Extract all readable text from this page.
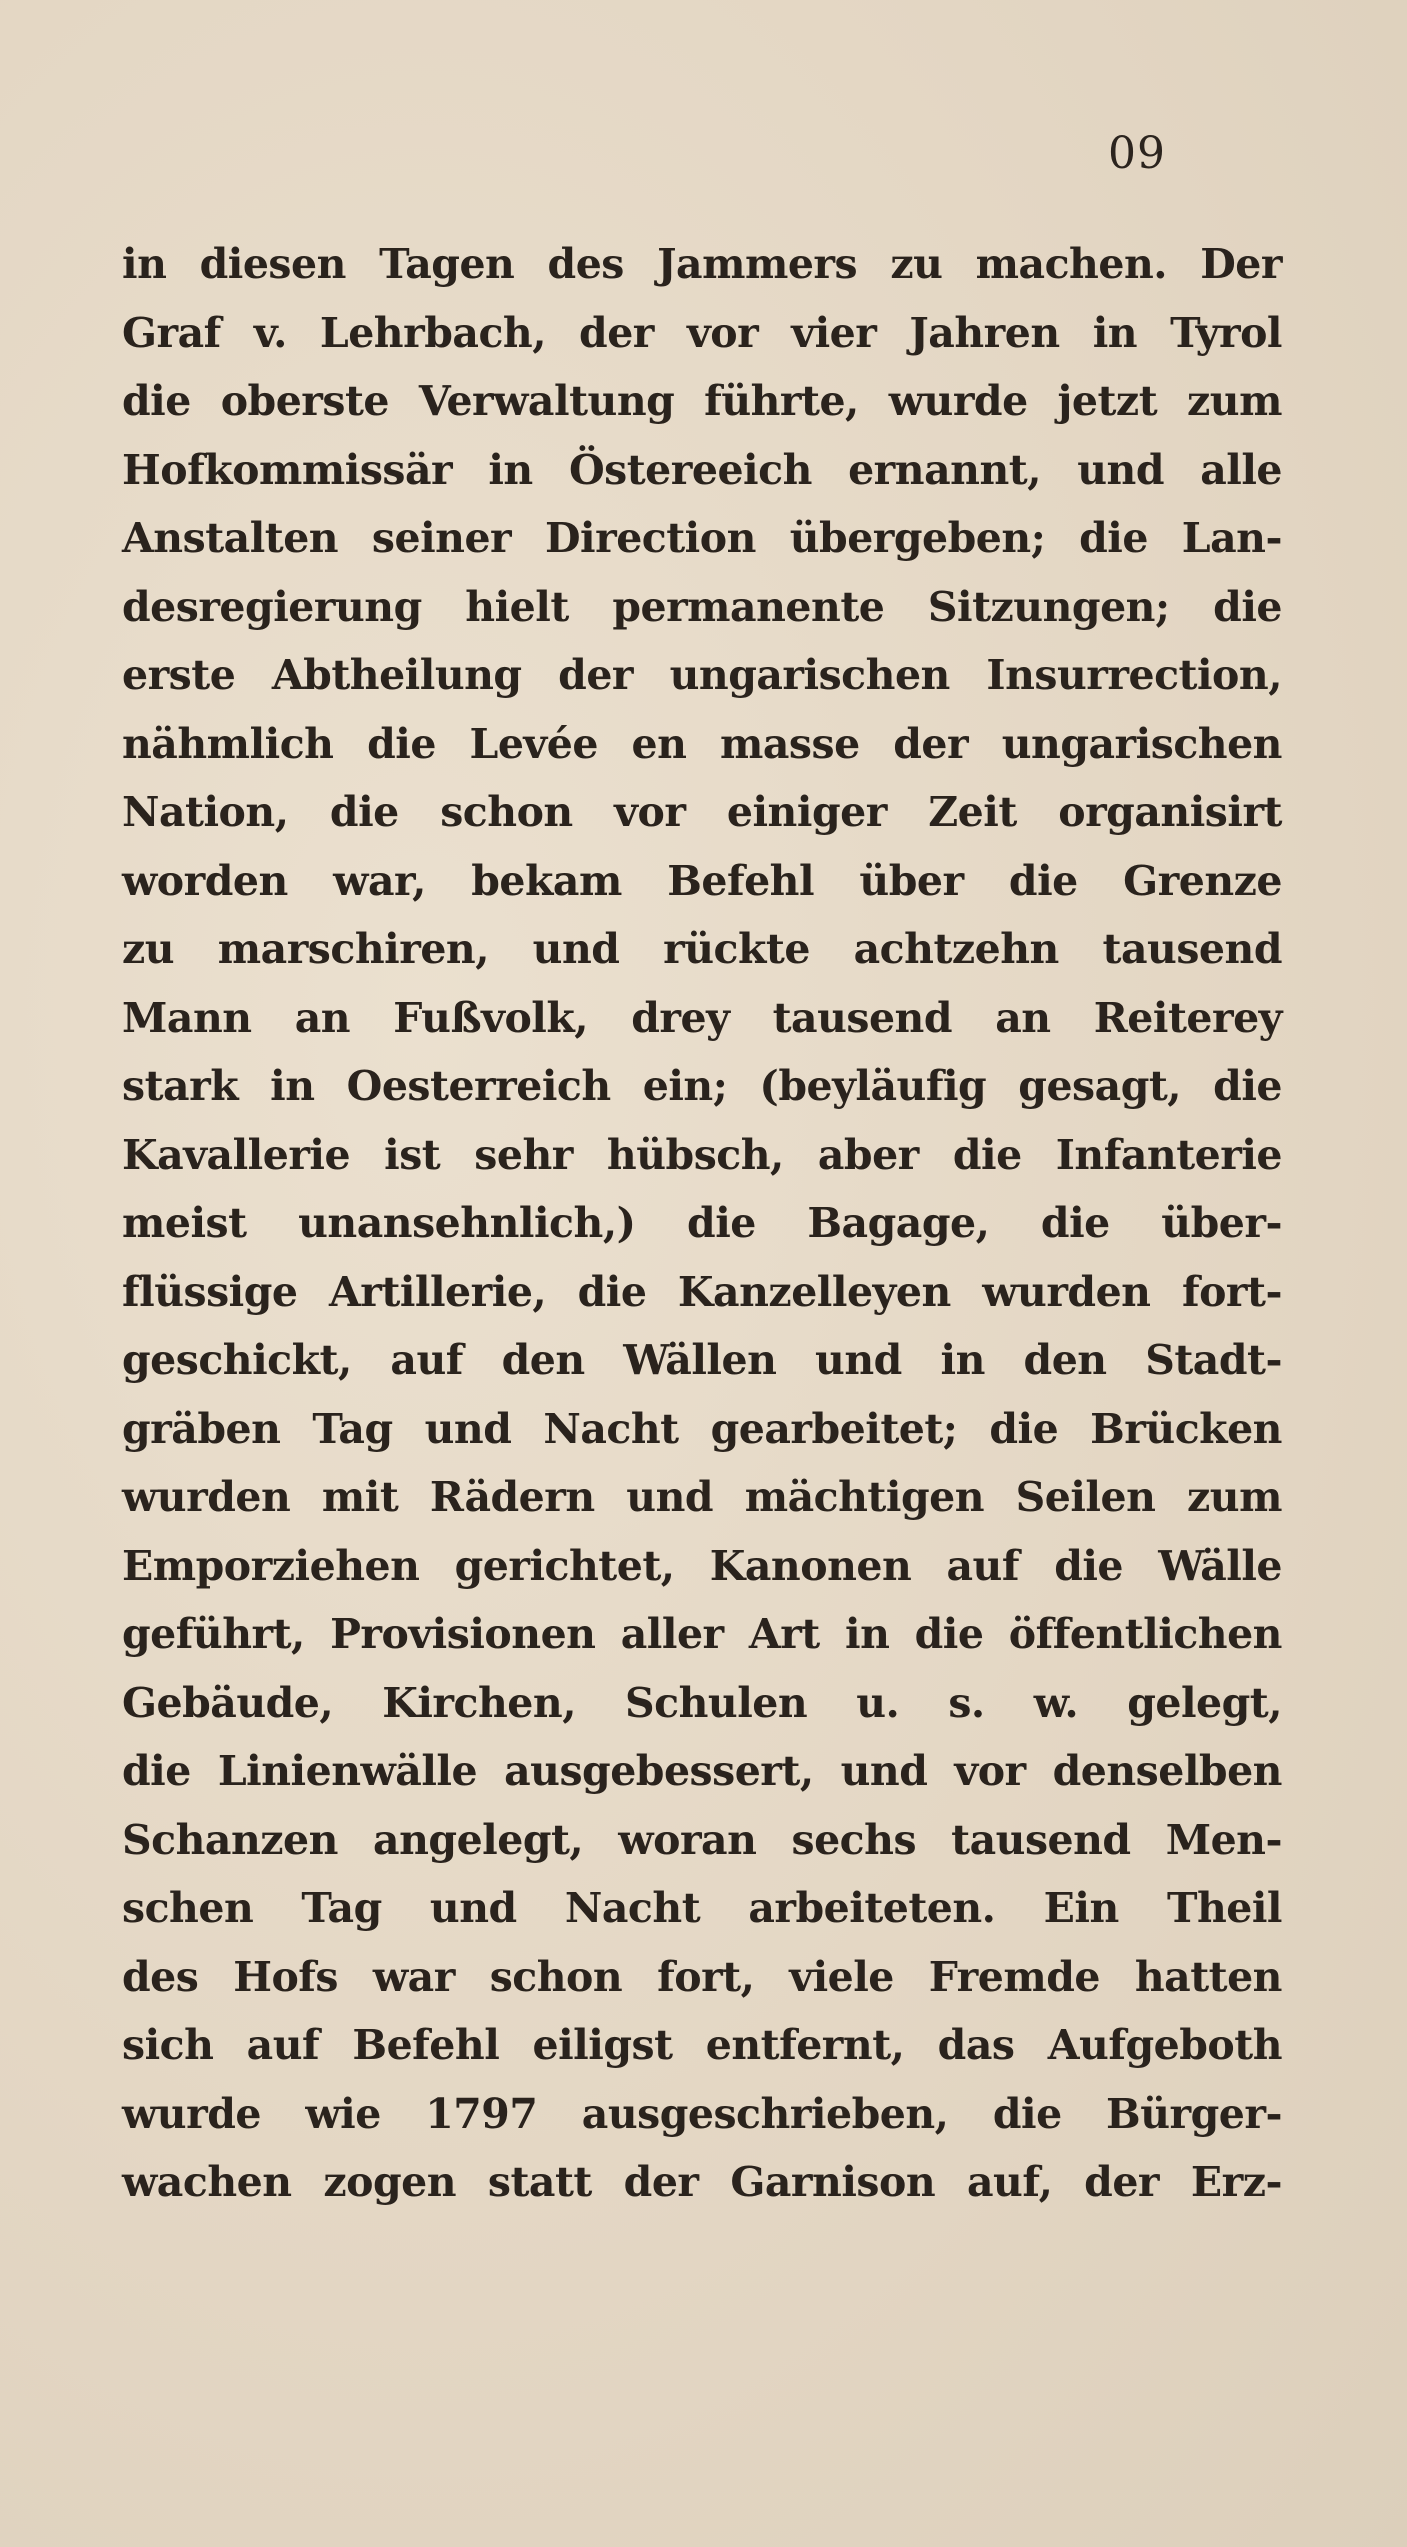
09
in diesen Tagen des Jammers zu machen. Der
Graf v. Lehrbach, der vor vier Jahren in Tyrol
die oberste Verwaltung führte, wurde jetzt zum
Hofkommissär in Östereeich ernannt, und alle
Anstalten seiner Direction übergeben; die Lan-
desregierung hielt permanente Sitzungen; die
erste Abtheilung der ungarischen Insurrection,
nähmlich die Levée en masse der ungarischen
Nation, die schon vor einiger Zeit organisirt
worden war, bekam Befehl über die Grenze
zu marschiren, und rückte achtzehn tausend
Mann an Fußvolk, drey tausend an Reiterey
stark in Oesterreich ein; (beyläufig gesagt, die
Kavallerie ist sehr hübsch, aber die Infanterie
meist unansehnlich,) die Bagage, die über-
flüssige Artillerie, die Kanzelleyen wurden fort-
geschickt, auf den Wällen und in den Stadt-
gräben Tag und Nacht gearbeitet; die Brücken
wurden mit Rädern und mächtigen Seilen zum
Emporziehen gerichtet, Kanonen auf die Wälle
geführt, Provisionen aller Art in die öffentlichen
Gebäude, Kirchen, Schulen u. s. w. gelegt,
die Linienwälle ausgebessert, und vor denselben
Schanzen angelegt, woran sechs tausend Men-
schen Tag und Nacht arbeiteten. Ein Theil
des Hofs war schon fort, viele Fremde hatten
sich auf Befehl eiligst entfernt, das Aufgeboth
wurde wie 1797 ausgeschrieben, die Bürger-
wachen zogen statt der Garnison auf, der Erz-
